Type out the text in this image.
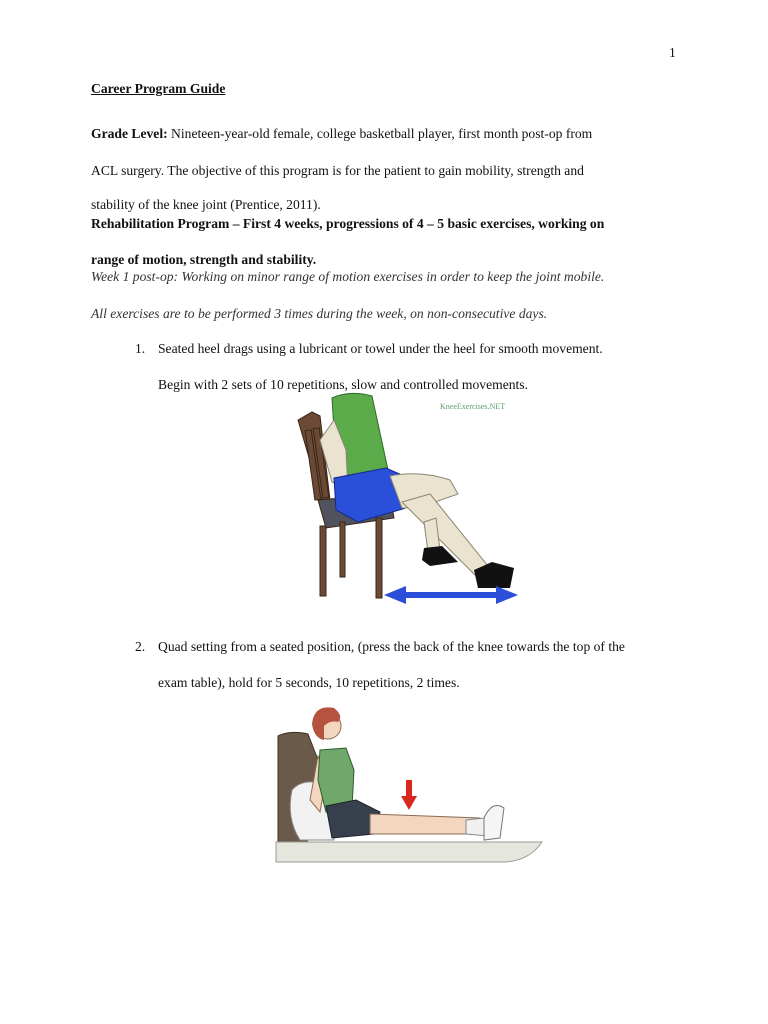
1
Career Program Guide
Grade Level: Nineteen-year-old female, college basketball player, first month post-op from
ACL surgery. The objective of this program is for the patient to gain mobility, strength and
stability of the knee joint (Prentice, 2011).
Rehabilitation Program – First 4 weeks, progressions of 4 – 5 basic exercises, working on
range of motion, strength and stability.
Week 1 post-op: Working on minor range of motion exercises in order to keep the joint mobile.
All exercises are to be performed 3 times during the week, on non-consecutive days.
1. Seated heel drags using a lubricant or towel under the heel for smooth movement.
Begin with 2 sets of 10 repetitions, slow and controlled movements.
KneeExercises.NET
2. Quad setting from a seated position, (press the back of the knee towards the top of the
exam table), hold for 5 seconds, 10 repetitions, 2 times.
